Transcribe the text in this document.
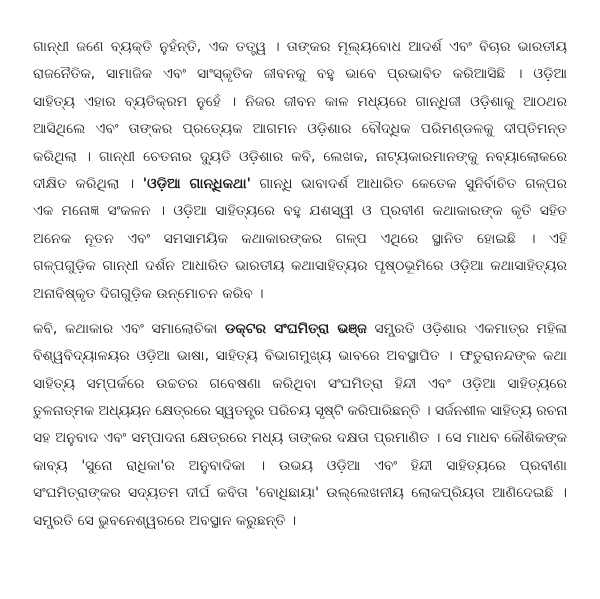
ଗାନ୍ଧୀ ଜଣେ ବ୍ୟକ୍ତି ନୁହଁନ୍ତି, ଏକ ତତ୍ତ୍ୱ । ତାଙ୍କର ମୂଲ୍ୟବୋଧ ଆଦର୍ଶ ଏବଂ ବିଚାର ଭାରତୀୟ
ରାଜନୈତିକ, ସାମାଜିକ ଏବଂ ସାଂସ୍କୃତିକ ଜୀବନକୁ ବହୁ ଭାବେ ପ୍ରଭାବିତ କରିଆସିଛି । ଓଡ଼ିଆ
ସାହିତ୍ୟ ଏହାର ବ୍ୟତିକ୍ରମ ନୁହେଁ । ନିଜର ଜୀବନ କାଳ ମଧ୍ୟରେ ଗାନ୍ଧିଜୀ ଓଡ଼ିଶାକୁ ଆଠଥର
ଆସିଥିଲେ ଏବଂ ତାଙ୍କର ପ୍ରତ୍ୟେକ ଆଗମନ ଓଡ଼ିଶାର ବୌଦ୍ଧିକ ପରିମଣ୍ଡଳକୁ ଦୀପ୍ତିମନ୍ତ
କରିଥିଲା । ଗାନ୍ଧୀ ଚେତନାର ଦ୍ୟୁତି ଓଡ଼ିଶାର କବି, ଲେଖକ, ନାଟ୍ୟକାରମାନଙ୍କୁ ନବ୍ୟାଲୋକରେ
ଦୀକ୍ଷିତ କରିଥିଲା । 'ଓଡ଼ିଆ ଗାନ୍ଧିକଥା' ଗାନ୍ଧି ଭାବାଦର୍ଶ ଆଧାରିତ କେତେକ ସୁନିର୍ବାଚିତ ଗଳ୍ପର
ଏକ ମନୋଜ୍ଞ ସଂକଳନ । ଓଡ଼ିଆ ସାହିତ୍ୟରେ ବହୁ ଯଶସ୍ୱୀ ଓ ପ୍ରବୀଣ କଥାକାରଙ୍କ କୃତି ସହିତ
ଅନେକ ନୂତନ ଏବଂ ସମସାମୟିକ କଥାକାରଙ୍କର ଗଳ୍ପ ଏଥିରେ ସ୍ଥାନିତ ହୋଇଛି । ଏହି
ଗଳ୍ପଗୁଡ଼ିକ ଗାନ୍ଧୀ ଦର୍ଶନ ଆଧାରିତ ଭାରତୀୟ କଥାସାହିତ୍ୟର ପୃଷ୍ଠଭୂମିରେ ଓଡ଼ିଆ କଥାସାହିତ୍ୟର
ଅନାବିଷ୍କୃତ ଦିଗଗୁଡ଼ିକ ଉନ୍ମୋଚନ କରିବ ।
କବି, କଥାକାର ଏବଂ ସମାଲୋଚିକା ଡକ୍ଟର ସଂଘମିତ୍ରା ଭଞ୍ଜ ସମ୍ପ୍ରତି ଓଡ଼ିଶାର ଏକମାତ୍ର ମହିଳା
ବିଶ୍ୱବିଦ୍ୟାଳୟର ଓଡ଼ିଆ ଭାଷା, ସାହିତ୍ୟ ବିଭାଗମୁଖ୍ୟ ଭାବରେ ଅବସ୍ଥାପିତ । ଫତୁରାନନ୍ଦଙ୍କ କଥା
ସାହିତ୍ୟ ସମ୍ପର୍କରେ ଉଚ୍ଚତର ଗବେଷଣା କରିଥିବା ସଂଘମିତ୍ରା ହିନ୍ଦୀ ଏବଂ ଓଡ଼ିଆ ସାହିତ୍ୟରେ
ତୁଳନାତ୍ମକ ଅଧ୍ୟୟନ କ୍ଷେତ୍ରରେ ସ୍ୱତନ୍ତ୍ର ପରିଚୟ ସୃଷ୍ଟି କରିପାରିଛନ୍ତି । ସର୍ଜନଶୀଳ ସାହିତ୍ୟ ରଚନା
ସହ ଅନୁବାଦ ଏବଂ ସମ୍ପାଦନା କ୍ଷେତ୍ରରେ ମଧ୍ୟ ତାଙ୍କର ଦକ୍ଷତା ପ୍ରମାଣିତ । ସେ ମାଧବ କୌଶିକଙ୍କ
କାବ୍ୟ 'ସୁନୋ ରାଧିକା'ର ଅନୁବାଦିକା । ଉଭୟ ଓଡ଼ିଆ ଏବଂ ହିନ୍ଦୀ ସାହିତ୍ୟରେ ପ୍ରବୀଣା
ସଂଘମିତ୍ରାଙ୍କର ସଦ୍ୟତମ ଦୀର୍ଘ କବିତା 'ବୋଧିଛାୟା' ଉଲ୍ଲେଖନୀୟ ଲୋକପ୍ରିୟତା ଆଣିଦେଇଛି ।
ସମ୍ପ୍ରତି ସେ ଭୁବନେଶ୍ୱରରେ ଅବସ୍ଥାନ କରୁଛନ୍ତି ।
